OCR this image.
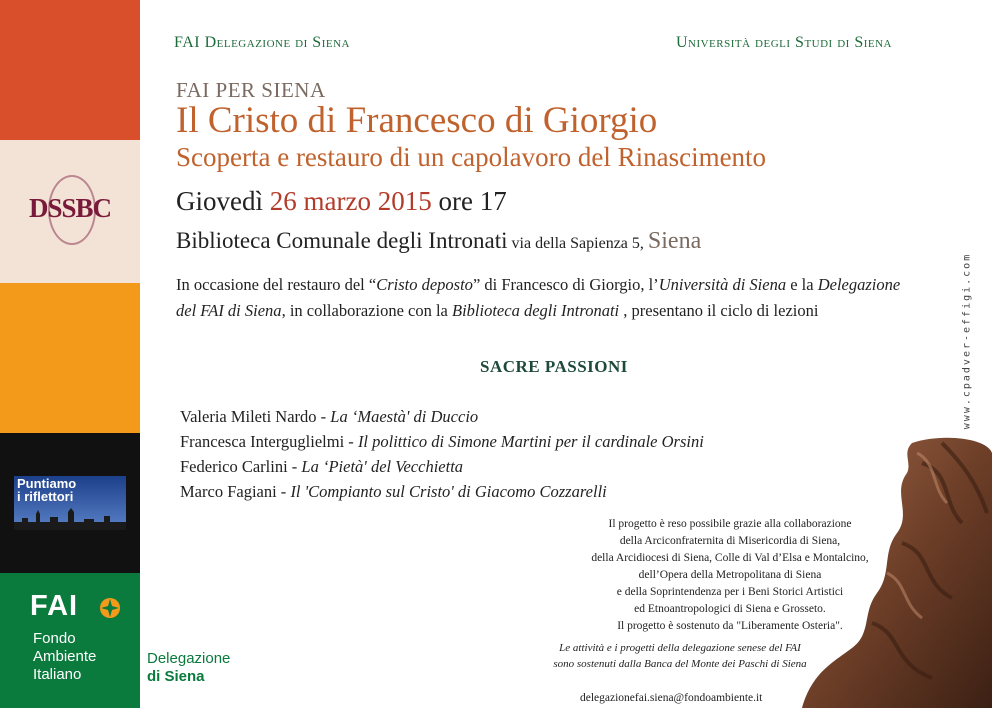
DSSBC
Puntiamo
i riflettori
FAI
Fondo
Ambiente
Italiano
Delegazione
di Siena
FAI Delegazione di Siena	Università degli Studi di Siena
FAI PER SIENA
Il Cristo di Francesco di Giorgio
Scoperta e restauro di un capolavoro del Rinascimento
Giovedì 26 marzo 2015 ore 17
Biblioteca Comunale degli Intronati via della Sapienza 5, Siena
In occasione del restauro del “Cristo deposto” di Francesco di Giorgio, l’Università di Siena e la Delegazione del FAI di Siena, in collaborazione con la Biblioteca degli Intronati , presentano il ciclo di lezioni
SACRE PASSIONI
Valeria Mileti Nardo - La ‘Maestà' di Duccio
Francesca Interguglielmi - Il polittico di Simone Martini per il cardinale Orsini
Federico Carlini - La ‘Pietà' del Vecchietta
Marco Fagiani - Il 'Compianto sul Cristo' di Giacomo Cozzarelli
Il progetto è reso possibile grazie alla collaborazione
della Arciconfraternita di Misericordia di Siena,
della Arcidiocesi di Siena, Colle di Val d’Elsa e Montalcino,
dell’Opera della Metropolitana di Siena
e della Soprintendenza per i Beni Storici Artistici
ed Etnoantropologici di Siena e Grosseto.
Il progetto è sostenuto da "Liberamente Osteria".
Le attività e i progetti della delegazione senese del FAI
sono sostenuti dalla Banca del Monte dei Paschi di Siena
delegazionefai.siena@fondoambiente.it
www.cpadver-effigi.com
